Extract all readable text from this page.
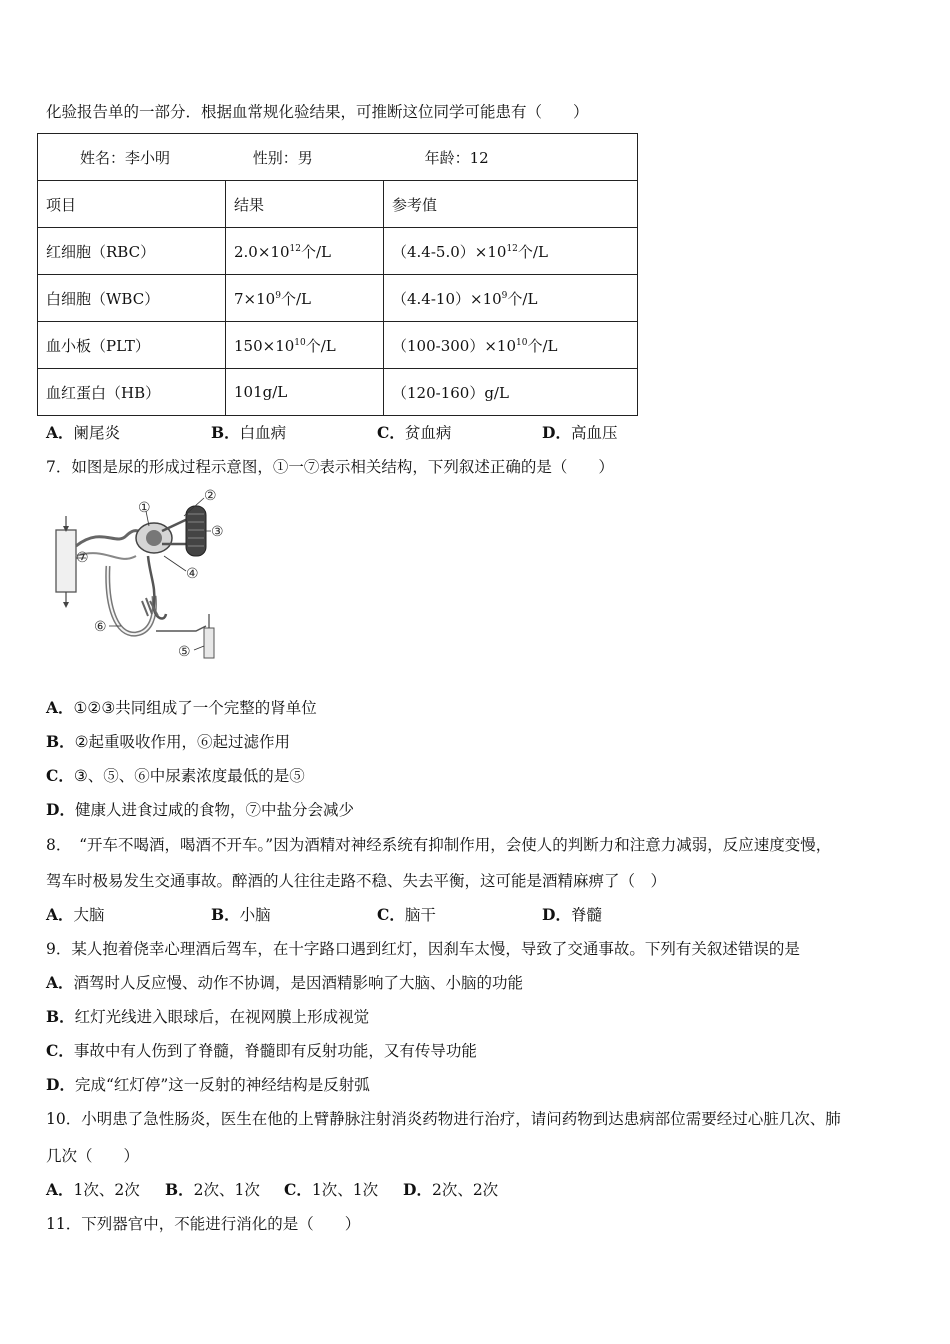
化验报告单的一部分．根据血常规化验结果，可推断这位同学可能患有（　　）
姓名：李小明 性别：男 年龄：12		
项目	结果	参考值
红细胞（RBC）	$2.0\times 10^{12}$个/L	$(4.4-5.0)\times 10^{12}$个/L
白细胞（WBC）	$7\times 10^9$个/L	$(4.4-10)\times 10^9$个/L
血小板（PLT）	$150\times 10^{10}$个/L	$(100-300)\times 10^{10}$个/L
血红蛋白（HB）	101g/L	（120-160）g/L
A．阑尾炎	B．白血病	C．贫血病	D．高血压
7．如图是尿的形成过程示意图，①一⑦表示相关结构，下列叙述正确的是（　　）
①
②
③
④
⑤
⑥
⑦
A．①②③共同组成了一个完整的肾单位
B．②起重吸收作用，⑥起过滤作用
C．③、⑤、⑥中尿素浓度最低的是⑤
D．健康人进食过咸的食物，⑦中盐分会减少
8．　“开车不喝酒，喝酒不开车。”因为酒精对神经系统有抑制作用，会使人的判断力和注意力减弱，反应速度变慢，
驾车时极易发生交通事故。醉酒的人往往走路不稳、失去平衡，这可能是酒精麻痹了（　）
A．大脑	B．小脑	C．脑干	D．脊髓
9．某人抱着侥幸心理酒后驾车，在十字路口遇到红灯，因刹车太慢，导致了交通事故。下列有关叙述错误的是
A．酒驾时人反应慢、动作不协调，是因酒精影响了大脑、小脑的功能
B．红灯光线进入眼球后，在视网膜上形成视觉
C．事故中有人伤到了脊髓，脊髓即有反射功能，又有传导功能
D．完成“红灯停”这一反射的神经结构是反射弧
10．小明患了急性肠炎，医生在他的上臂静脉注射消炎药物进行治疗，请问药物到达患病部位需要经过心脏几次、肺
几次（　　）
A．1次、2次 B．2次、1次 C．1次、1次 D．2次、2次
11．下列器官中，不能进行消化的是（　　）
